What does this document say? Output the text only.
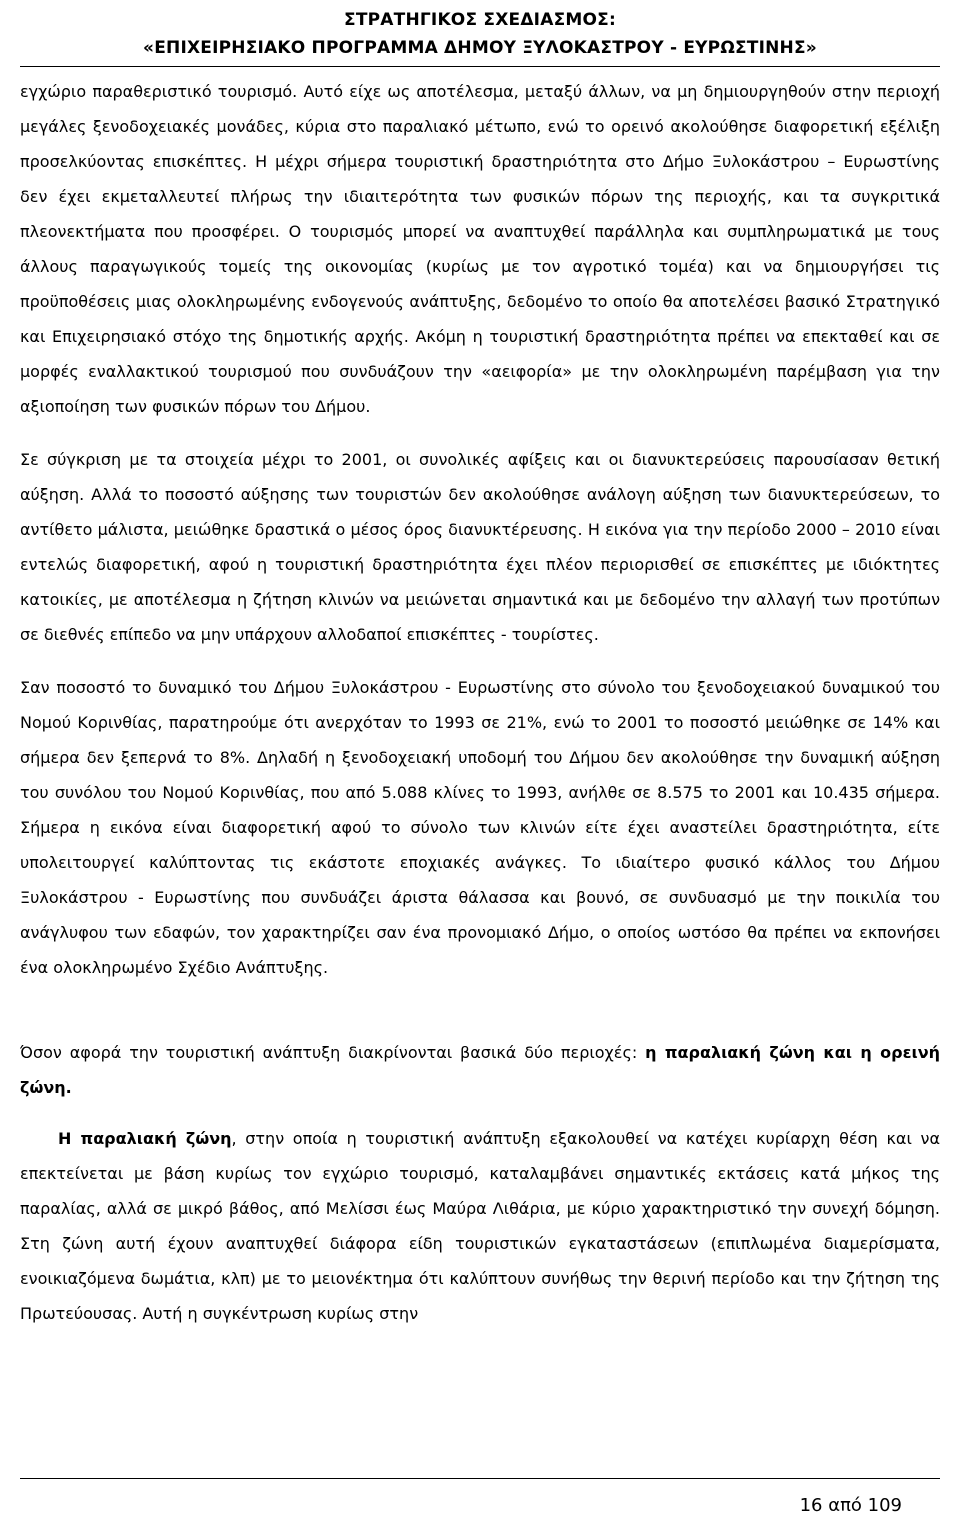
ΣΤΡΑΤΗΓΙΚΟΣ ΣΧΕΔΙΑΣΜΟΣ:
«ΕΠΙΧΕΙΡΗΣΙΑΚΟ ΠΡΟΓΡΑΜΜΑ ΔΗΜΟΥ ΞΥΛΟΚΑΣΤΡΟΥ - ΕΥΡΩΣΤΙΝΗΣ»

εγχώριο παραθεριστικό τουρισμό. Αυτό είχε ως αποτέλεσμα, μεταξύ άλλων, να μη δημιουργηθούν στην περιοχή μεγάλες ξενοδοχειακές μονάδες, κύρια στο παραλιακό μέτωπο, ενώ το ορεινό ακολούθησε διαφορετική εξέλιξη προσελκύοντας επισκέπτες. Η μέχρι σήμερα τουριστική δραστηριότητα στο Δήμο Ξυλοκάστρου – Ευρωστίνης δεν έχει εκμεταλλευτεί πλήρως την ιδιαιτερότητα των φυσικών πόρων της περιοχής, και τα συγκριτικά πλεονεκτήματα που προσφέρει. Ο τουρισμός μπορεί να αναπτυχθεί παράλληλα και συμπληρωματικά με τους άλλους παραγωγικούς τομείς της οικονομίας (κυρίως με τον αγροτικό τομέα) και να δημιουργήσει τις προϋποθέσεις μιας ολοκληρωμένης ενδογενούς ανάπτυξης, δεδομένο το οποίο θα αποτελέσει βασικό Στρατηγικό και Επιχειρησιακό στόχο της δημοτικής αρχής. Ακόμη η τουριστική δραστηριότητα πρέπει να επεκταθεί και σε μορφές εναλλακτικού τουρισμού που συνδυάζουν την «αειφορία» με την ολοκληρωμένη παρέμβαση για την αξιοποίηση των φυσικών πόρων του Δήμου.

Σε σύγκριση με τα στοιχεία μέχρι το 2001, οι συνολικές αφίξεις και οι διανυκτερεύσεις παρουσίασαν θετική αύξηση. Αλλά το ποσοστό αύξησης των τουριστών δεν ακολούθησε ανάλογη αύξηση των διανυκτερεύσεων, το αντίθετο μάλιστα, μειώθηκε δραστικά ο μέσος όρος διανυκτέρευσης. Η εικόνα για την περίοδο 2000 – 2010 είναι εντελώς διαφορετική, αφού η τουριστική δραστηριότητα έχει πλέον περιορισθεί σε επισκέπτες με ιδιόκτητες κατοικίες, με αποτέλεσμα η ζήτηση κλινών να μειώνεται σημαντικά και με δεδομένο την αλλαγή των προτύπων σε διεθνές επίπεδο να μην υπάρχουν αλλοδαποί επισκέπτες - τουρίστες.

Σαν ποσοστό το δυναμικό του Δήμου Ξυλοκάστρου - Ευρωστίνης στο σύνολο του ξενοδοχειακού δυναμικού του Νομού Κορινθίας, παρατηρούμε ότι ανερχόταν το 1993 σε 21%, ενώ το 2001 το ποσοστό μειώθηκε σε 14% και σήμερα δεν ξεπερνά το 8%. Δηλαδή η ξενοδοχειακή υποδομή του Δήμου δεν ακολούθησε την δυναμική αύξηση του συνόλου του Νομού Κορινθίας, που από 5.088 κλίνες το 1993, ανήλθε σε 8.575 το 2001 και 10.435 σήμερα. Σήμερα η εικόνα είναι διαφορετική αφού το σύνολο των κλινών είτε έχει αναστείλει δραστηριότητα, είτε υπολειτουργεί καλύπτοντας τις εκάστοτε εποχιακές ανάγκες. Το ιδιαίτερο φυσικό κάλλος του Δήμου Ξυλοκάστρου - Ευρωστίνης που συνδυάζει άριστα θάλασσα και βουνό, σε συνδυασμό με την ποικιλία του ανάγλυφου των εδαφών, τον χαρακτηρίζει σαν ένα προνομιακό Δήμο, ο οποίος ωστόσο θα πρέπει να εκπονήσει ένα ολοκληρωμένο Σχέδιο Ανάπτυξης.

Όσον αφορά την τουριστική ανάπτυξη διακρίνονται βασικά δύο περιοχές: η παραλιακή ζώνη και η ορεινή ζώνη.

Η παραλιακή ζώνη, στην οποία η τουριστική ανάπτυξη εξακολουθεί να κατέχει κυρίαρχη θέση και να επεκτείνεται με βάση κυρίως τον εγχώριο τουρισμό, καταλαμβάνει σημαντικές εκτάσεις κατά μήκος της παραλίας, αλλά σε μικρό βάθος, από Μελίσσι έως Μαύρα Λιθάρια, με κύριο χαρακτηριστικό την συνεχή δόμηση. Στη ζώνη αυτή έχουν αναπτυχθεί διάφορα είδη τουριστικών εγκαταστάσεων (επιπλωμένα διαμερίσματα, ενοικιαζόμενα δωμάτια, κλπ) με το μειονέκτημα ότι καλύπτουν συνήθως την θερινή περίοδο και την ζήτηση της Πρωτεύουσας. Αυτή η συγκέντρωση κυρίως στην

16 από 109
